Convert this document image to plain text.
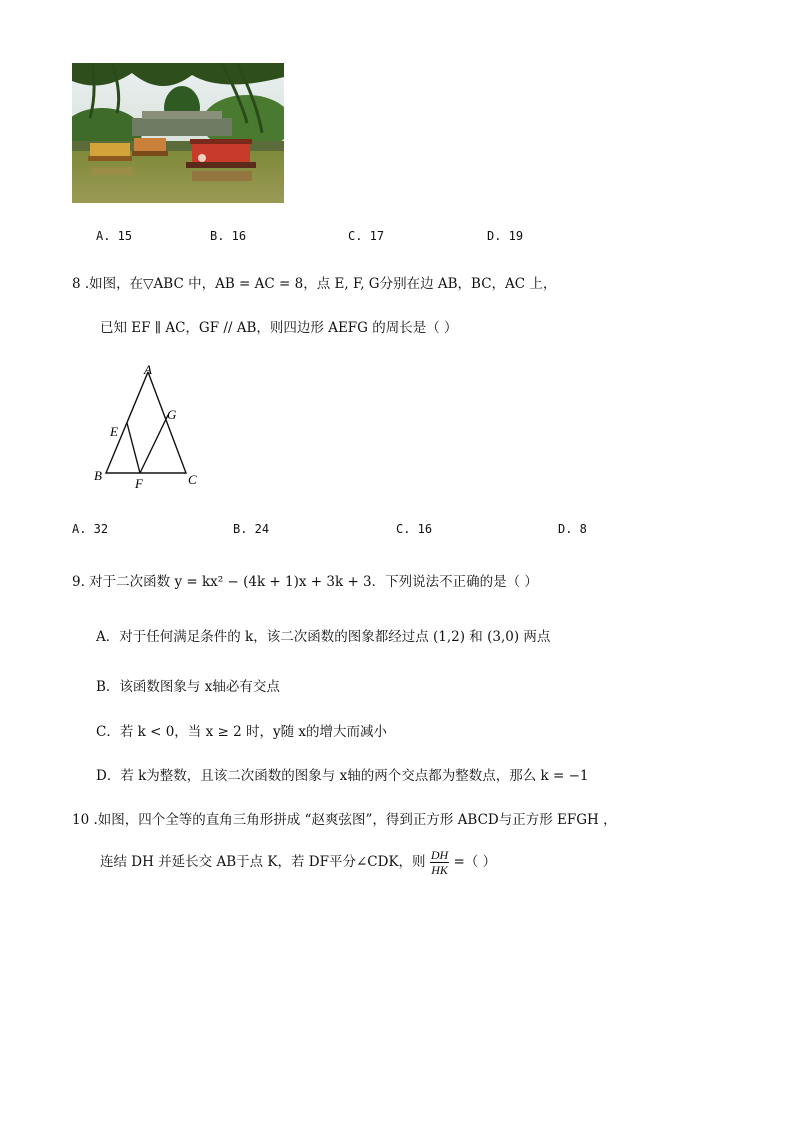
A. 15	B. 16	C. 17	D. 19
8 .如图，在▽ABC 中，AB = AC = 8，点 E, F, G分别在边 AB，BC，AC 上，
已知 EF ∥ AC，GF // AB，则四边形 AEFG 的周长是（ ）
A
B	C
E
F
G
A. 32	B. 24	C. 16	D. 8
9. 对于二次函数 y = kx² − (4k + 1)x + 3k + 3．下列说法不正确的是（ ）
A．对于任何满足条件的 k，该二次函数的图象都经过点 (1,2) 和 (3,0) 两点
B．该函数图象与 x轴必有交点
C．若 k < 0，当 x ≥ 2 时，y随 x的增大而减小
D．若 k为整数，且该二次函数的图象与 x轴的两个交点都为整数点，那么 k = −1
10 .如图，四个全等的直角三角形拼成 “赵爽弦图”，得到正方形 ABCD与正方形 EFGH ，
连结 DH 并延长交 AB于点 K，若 DF平分∠CDK，则 $\frac{DH}{HK}$ =（ ）
